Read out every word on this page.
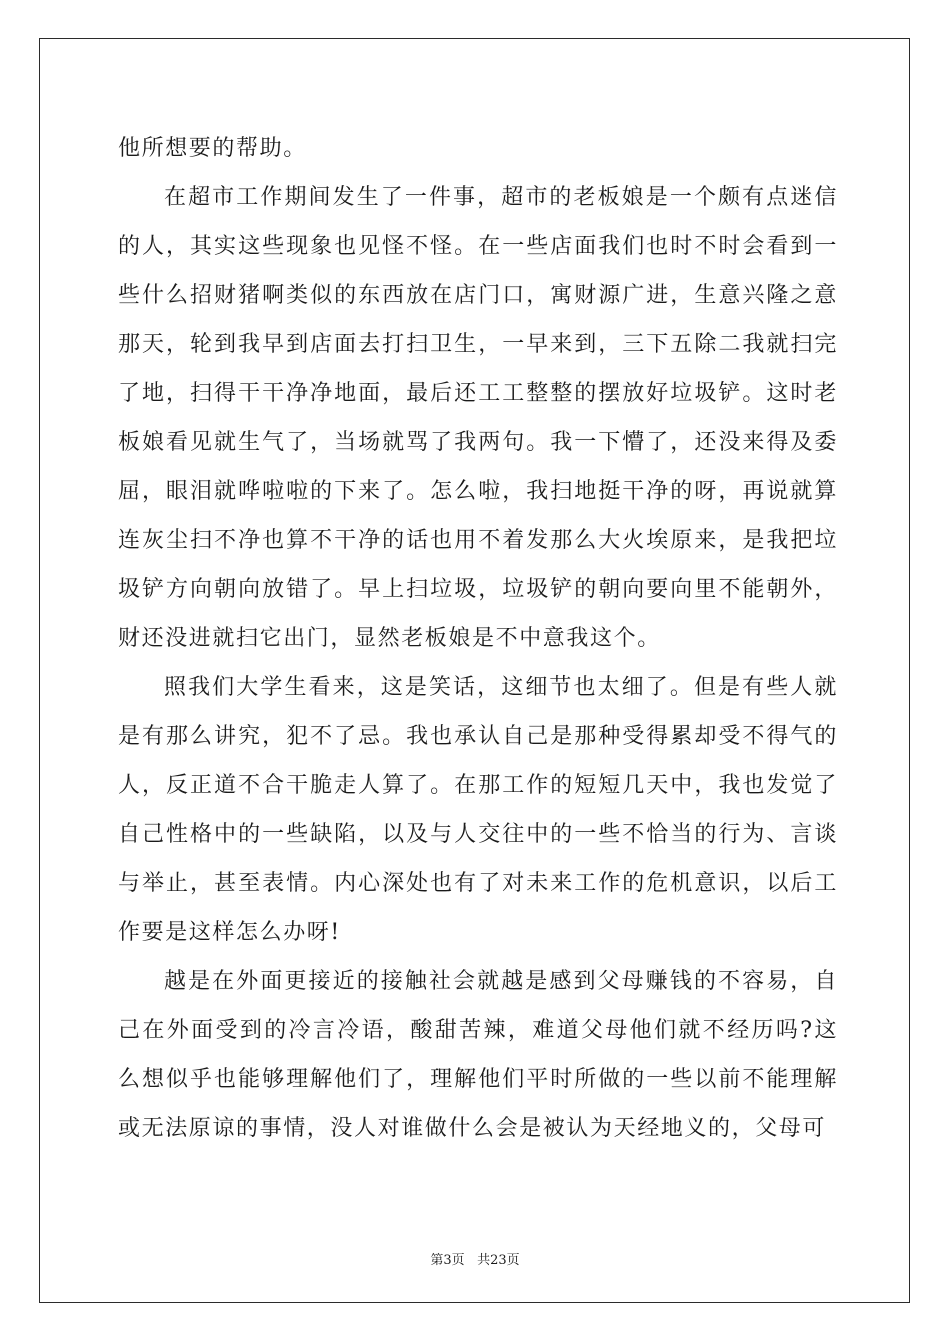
他所想要的帮助。

在超市工作期间发生了一件事，超市的老板娘是一个颇有点迷信的人，其实这些现象也见怪不怪。在一些店面我们也时不时会看到一些什么招财猪啊类似的东西放在店门口，寓财源广进，生意兴隆之意那天，轮到我早到店面去打扫卫生，一早来到，三下五除二我就扫完了地，扫得干干净净地面，最后还工工整整的摆放好垃圾铲。这时老板娘看见就生气了，当场就骂了我两句。我一下懵了，还没来得及委屈，眼泪就哗啦啦的下来了。怎么啦，我扫地挺干净的呀，再说就算连灰尘扫不净也算不干净的话也用不着发那么大火埃原来，是我把垃圾铲方向朝向放错了。早上扫垃圾，垃圾铲的朝向要向里不能朝外，财还没进就扫它出门，显然老板娘是不中意我这个。

照我们大学生看来，这是笑话，这细节也太细了。但是有些人就是有那么讲究，犯不了忌。我也承认自己是那种受得累却受不得气的人，反正道不合干脆走人算了。在那工作的短短几天中，我也发觉了自己性格中的一些缺陷，以及与人交往中的一些不恰当的行为、言谈与举止，甚至表情。内心深处也有了对未来工作的危机意识，以后工作要是这样怎么办呀!

越是在外面更接近的接触社会就越是感到父母赚钱的不容易，自己在外面受到的冷言冷语，酸甜苦辣，难道父母他们就不经历吗?这么想似乎也能够理解他们了，理解他们平时所做的一些以前不能理解或无法原谅的事情，没人对谁做什么会是被认为天经地义的，父母可

第3页 共23页
